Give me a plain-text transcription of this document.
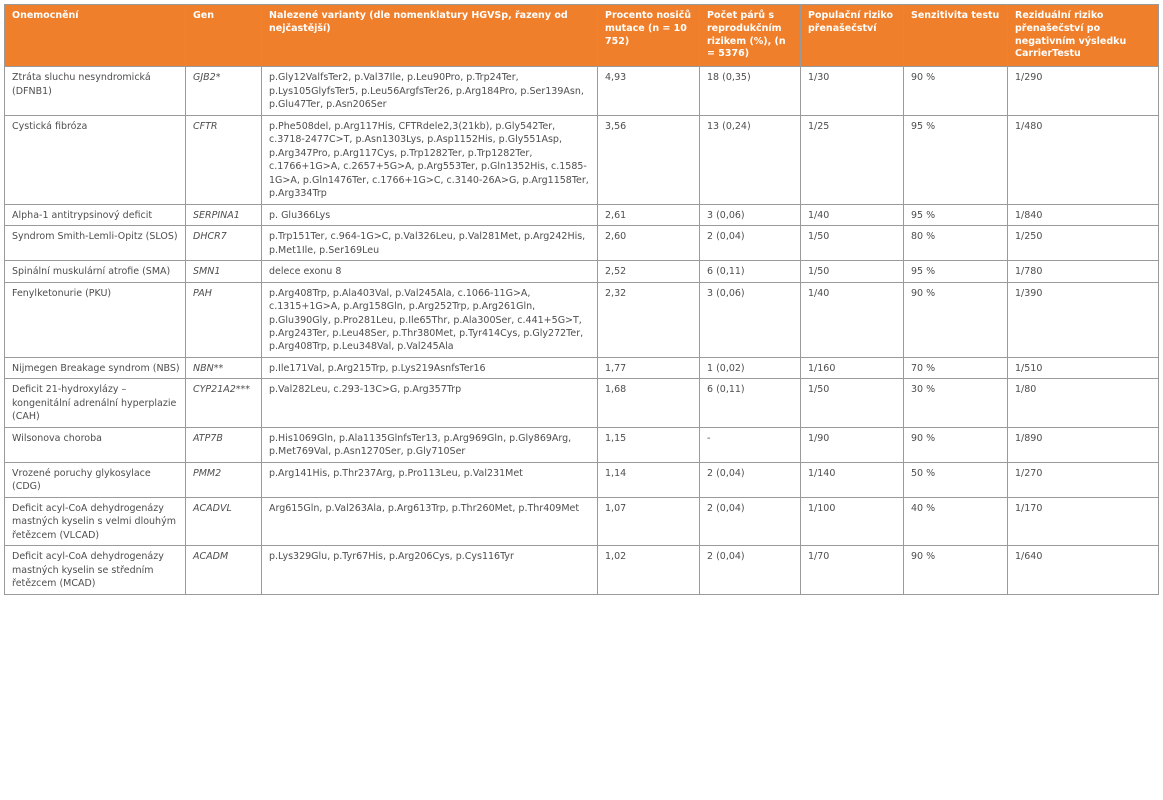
Onemocnění	Gen	Nalezené varianty (dle nomenklatury HGVSp, řazeny od nejčastější)	Procento nosičů mutace (n = 10 752)	Počet párů s reprodukčním rizikem (%), (n = 5376)	Populační riziko přenašečství	Senzitivita testu	Reziduální riziko přenašečství po negativním výsledku CarrierTestu
Ztráta sluchu nesyndromická (DFNB1)	GJB2*	p.Gly12ValfsTer2, p.Val37Ile, p.Leu90Pro, p.Trp24Ter, p.Lys105GlyfsTer5, p.Leu56ArgfsTer26, p.Arg184Pro, p.Ser139Asn, p.Glu47Ter, p.Asn206Ser	4,93	18 (0,35)	1/30	90 %	1/290
Cystická fibróza	CFTR	p.Phe508del, p.Arg117His, CFTRdele2,3(21kb), p.Gly542Ter, c.3718-2477C>T, p.Asn1303Lys, p.Asp1152His, p.Gly551Asp, p.Arg347Pro, p.Arg117Cys, p.Trp1282Ter, p.Trp1282Ter, c.1766+1G>A, c.2657+5G>A, p.Arg553Ter, p.Gln1352His, c.1585-1G>A, p.Gln1476Ter, c.1766+1G>C, c.3140-26A>G, p.Arg1158Ter, p.Arg334Trp	3,56	13 (0,24)	1/25	95 %	1/480
Alpha-1 antitrypsinový deficit	SERPINA1	p. Glu366Lys	2,61	3 (0,06)	1/40	95 %	1/840
Syndrom Smith-Lemli-Opitz (SLOS)	DHCR7	p.Trp151Ter, c.964-1G>C, p.Val326Leu, p.Val281Met, p.Arg242His, p.Met1Ile, p.Ser169Leu	2,60	2 (0,04)	1/50	80 %	1/250
Spinální muskulární atrofie (SMA)	SMN1	delece exonu 8	2,52	6 (0,11)	1/50	95 %	1/780
Fenylketonurie (PKU)	PAH	p.Arg408Trp, p.Ala403Val, p.Val245Ala, c.1066-11G>A, c.1315+1G>A, p.Arg158Gln, p.Arg252Trp, p.Arg261Gln, p.Glu390Gly, p.Pro281Leu, p.Ile65Thr, p.Ala300Ser, c.441+5G>T, p.Arg243Ter, p.Leu48Ser, p.Thr380Met, p.Tyr414Cys, p.Gly272Ter, p.Arg408Trp, p.Leu348Val, p.Val245Ala	2,32	3 (0,06)	1/40	90 %	1/390
Nijmegen Breakage syndrom (NBS)	NBN**	p.Ile171Val, p.Arg215Trp, p.Lys219AsnfsTer16	1,77	1 (0,02)	1/160	70 %	1/510
Deficit 21-hydroxylázy – kongenitální adrenální hyperplazie (CAH)	CYP21A2***	p.Val282Leu, c.293-13C>G, p.Arg357Trp	1,68	6 (0,11)	1/50	30 %	1/80
Wilsonova choroba	ATP7B	p.His1069Gln, p.Ala1135GlnfsTer13, p.Arg969Gln, p.Gly869Arg, p.Met769Val, p.Asn1270Ser, p.Gly710Ser	1,15	-	1/90	90 %	1/890
Vrozené poruchy glykosylace (CDG)	PMM2	p.Arg141His, p.Thr237Arg, p.Pro113Leu, p.Val231Met	1,14	2 (0,04)	1/140	50 %	1/270
Deficit acyl-CoA dehydrogenázy mastných kyselin s velmi dlouhým řetězcem (VLCAD)	ACADVL	Arg615Gln, p.Val263Ala, p.Arg613Trp, p.Thr260Met, p.Thr409Met	1,07	2 (0,04)	1/100	40 %	1/170
Deficit acyl-CoA dehydrogenázy mastných kyselin se středním řetězcem (MCAD)	ACADM	p.Lys329Glu, p.Tyr67His, p.Arg206Cys, p.Cys116Tyr	1,02	2 (0,04)	1/70	90 %	1/640
